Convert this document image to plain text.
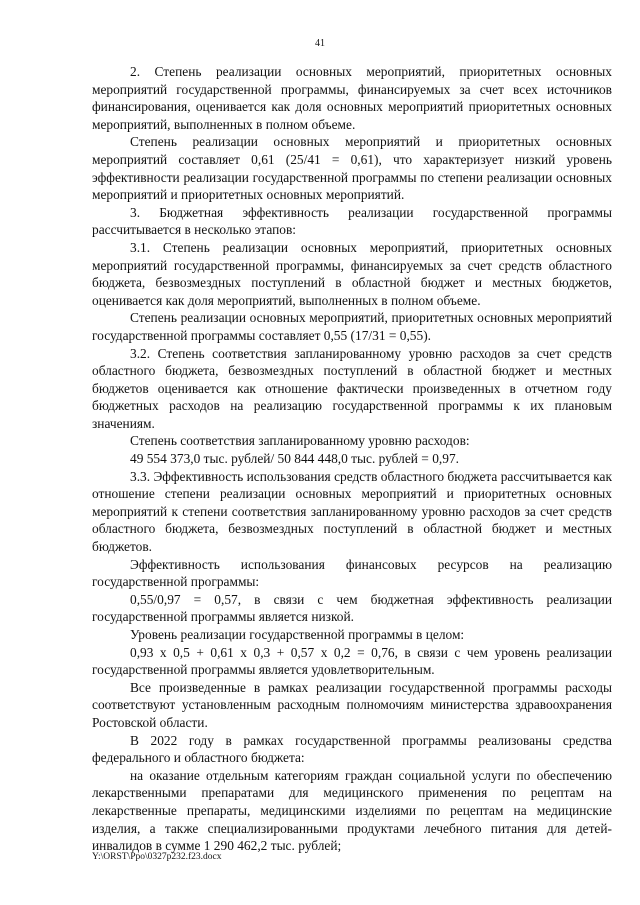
41

2. Степень реализации основных мероприятий, приоритетных основных мероприятий государственной программы, финансируемых за счет всех источников финансирования, оценивается как доля основных мероприятий приоритетных основных мероприятий, выполненных в полном объеме.

Степень реализации основных мероприятий и приоритетных основных мероприятий составляет 0,61 (25/41 = 0,61), что характеризует низкий уровень эффективности реализации государственной программы по степени реализации основных мероприятий и приоритетных основных мероприятий.

3. Бюджетная эффективность реализации государственной программы рассчитывается в несколько этапов:

3.1. Степень реализации основных мероприятий, приоритетных основных мероприятий государственной программы, финансируемых за счет средств областного бюджета, безвозмездных поступлений в областной бюджет и местных бюджетов, оценивается как доля мероприятий, выполненных в полном объеме.

Степень реализации основных мероприятий, приоритетных основных мероприятий государственной программы составляет 0,55 (17/31 = 0,55).

3.2. Степень соответствия запланированному уровню расходов за счет средств областного бюджета, безвозмездных поступлений в областной бюджет и местных бюджетов оценивается как отношение фактически произведенных в отчетном году бюджетных расходов на реализацию государственной программы к их плановым значениям.

Степень соответствия запланированному уровню расходов:

49 554 373,0 тыс. рублей/ 50 844 448,0 тыс. рублей = 0,97.

3.3. Эффективность использования средств областного бюджета рассчитывается как отношение степени реализации основных мероприятий и приоритетных основных мероприятий к степени соответствия запланированному уровню расходов за счет средств областного бюджета, безвозмездных поступлений в областной бюджет и местных бюджетов.

Эффективность использования финансовых ресурсов на реализацию государственной программы:

0,55/0,97 = 0,57, в связи с чем бюджетная эффективность реализации государственной программы является низкой.

Уровень реализации государственной программы в целом:

0,93 x 0,5 + 0,61 x 0,3 + 0,57 x 0,2 = 0,76, в связи с чем уровень реализации государственной программы является удовлетворительным.

Все произведенные в рамках реализации государственной программы расходы соответствуют установленным расходным полномочиям министерства здравоохранения Ростовской области.

В 2022 году в рамках государственной программы реализованы средства федерального и областного бюджета:

на оказание отдельным категориям граждан социальной услуги по обеспечению лекарственными препаратами для медицинского применения по рецептам на лекарственные препараты, медицинскими изделиями по рецептам на медицинские изделия, а также специализированными продуктами лечебного питания для детей-инвалидов в сумме 1 290 462,2 тыс. рублей;

Y:\ORST\Ppo\0327p232.f23.docx
